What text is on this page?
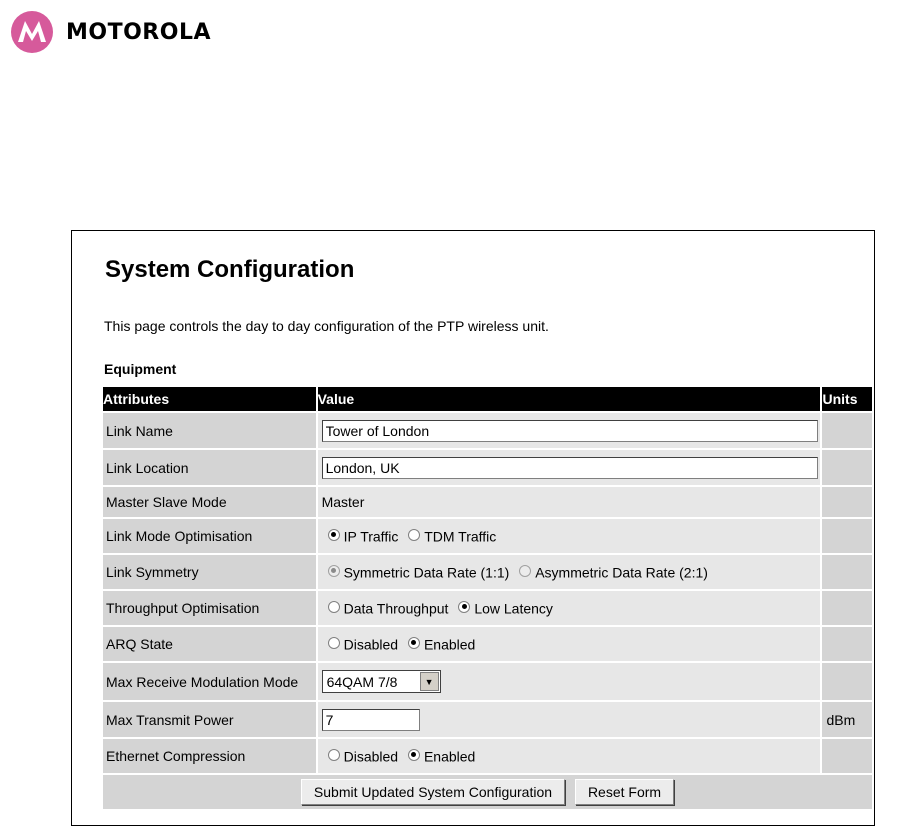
MOTOROLA
System Configuration
This page controls the day to day configuration of the PTP wireless unit.
Equipment
Attributes	Value	Units
Link Name	Tower of London	
Link Location	London, UK	
Master Slave Mode	Master	
Link Mode Optimisation	IP Traffic TDM Traffic	
Link Symmetry	Symmetric Data Rate (1:1) Asymmetric Data Rate (2:1)	
Throughput Optimisation	Data Throughput Low Latency	
ARQ State	Disabled Enabled	
Max Receive Modulation Mode	64QAM 7/8 ▼	

Max Transmit Power	7	dBm
Ethernet Compression	Disabled Enabled	
Submit Updated System Configuration Reset Form		
